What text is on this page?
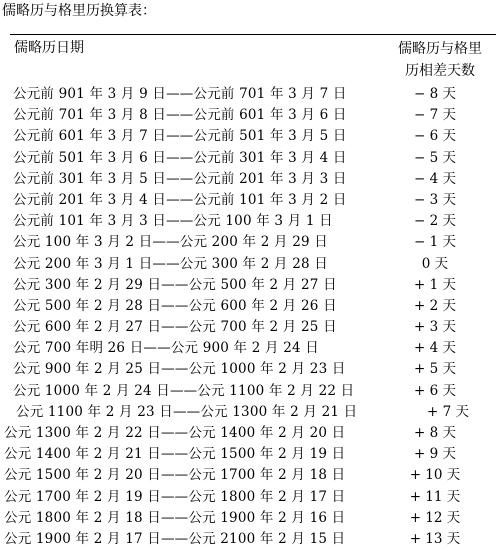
儒略历与格里历换算表：
儒略历日期	儒略历与格里
历相差天数
公元前 901 年 3 月 9 日——公元前 701 年 3 月 7 日	− 8 天
公元前 701 年 3 月 8 日——公元前 601 年 3 月 6 日	− 7 天
公元前 601 年 3 月 7 日——公元前 501 年 3 月 5 日	− 6 天
公元前 501 年 3 月 6 日——公元前 301 年 3 月 4 日	− 5 天
公元前 301 年 3 月 5 日——公元前 201 年 3 月 3 日	− 4 天
公元前 201 年 3 月 4 日——公元前 101 年 3 月 2 日	− 3 天
公元前 101 年 3 月 3 日——公元 100 年 3 月 1 日	− 2 天
公元 100 年 3 月 2 日——公元 200 年 2 月 29 日	− 1 天
公元 200 年 3 月 1 日——公元 300 年 2 月 28 日	0 天
公元 300 年 2 月 29 日——公元 500 年 2 月 27 日	+ 1 天
公元 500 年 2 月 28 日——公元 600 年 2 月 26 日	+ 2 天
公元 600 年 2 月 27 日——公元 700 年 2 月 25 日	+ 3 天
公元 700 年明 26 日——公元 900 年 2 月 24 日	+ 4 天
公元 900 年 2 月 25 日——公元 1000 年 2 月 23 日	+ 5 天
公元 1000 年 2 月 24 日——公元 1100 年 2 月 22 日	+ 6 天
公元 1100 年 2 月 23 日——公元 1300 年 2 月 21 日	+ 7 天
公元 1300 年 2 月 22 日——公元 1400 年 2 月 20 日	+ 8 天
公元 1400 年 2 月 21 日——公元 1500 年 2 月 19 日	+ 9 天
公元 1500 年 2 月 20 日——公元 1700 年 2 月 18 日	+ 10 天
公元 1700 年 2 月 19 日——公元 1800 年 2 月 17 日	+ 11 天
公元 1800 年 2 月 18 日——公元 1900 年 2 月 16 日	+ 12 天
公元 1900 年 2 月 17 日——公元 2100 年 2 月 15 日	+ 13 天
